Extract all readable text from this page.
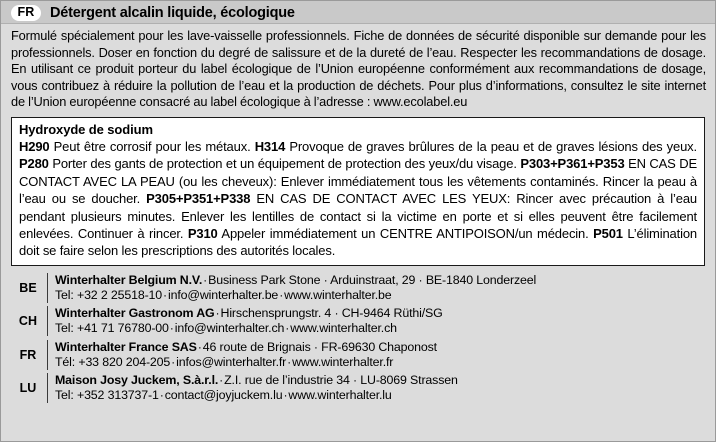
FR	Détergent alcalin liquide, écologique
Formulé spécialement pour les lave-vaisselle professionnels. Fiche de données de sécurité disponible sur demande pour les professionnels. Doser en fonction du degré de salissure et de la dureté de l’eau. Respecter les recommandations de dosage. En utilisant ce produit porteur du label écologique de l’Union européenne conformément aux recommandations de dosage, vous contribuez à réduire la pollution de l’eau et la production de déchets. Pour plus d’informations, consultez le site internet de l’Union européenne consacré au label écologique à l’adresse : www.ecolabel.eu
Hydroxyde de sodium
H290 Peut être corrosif pour les métaux. H314 Provoque de graves brûlures de la peau et de graves lésions des yeux. P280 Porter des gants de protection et un équipement de protection des yeux/du visage. P303+P361+P353 EN CAS DE CONTACT AVEC LA PEAU (ou les cheveux): Enlever immédiatement tous les vêtements contaminés. Rincer la peau à l’eau ou se doucher. P305+P351+P338 EN CAS DE CONTACT AVEC LES YEUX: Rincer avec précaution à l’eau pendant plusieurs minutes. Enlever les lentilles de contact si la victime en porte et si elles peuvent être facilement enlevées. Continuer à rincer. P310 Appeler immédiatement un CENTRE ANTIPOISON/un médecin. P501 L’élimination doit se faire selon les prescriptions des autorités locales.
BE
Winterhalter Belgium N.V.·Business Park Stone · Arduinstraat, 29 · BE-1840 Londerzeel
Tel: +32 2 25518-10·info@winterhalter.be·www.winterhalter.be
CH
Winterhalter Gastronom AG·Hirschensprungstr. 4 · CH-9464 Rüthi/SG
Tel: +41 71 76780-00·info@winterhalter.ch·www.winterhalter.ch
FR
Winterhalter France SAS·46 route de Brignais · FR-69630 Chaponost
Tél: +33 820 204-205·infos@winterhalter.fr·www.winterhalter.fr
LU
Maison Josy Juckem, S.à.r.l.·Z.I. rue de l’industrie 34 · LU-8069 Strassen
Tel: +352 313737-1·contact@joyjuckem.lu·www.winterhalter.lu
